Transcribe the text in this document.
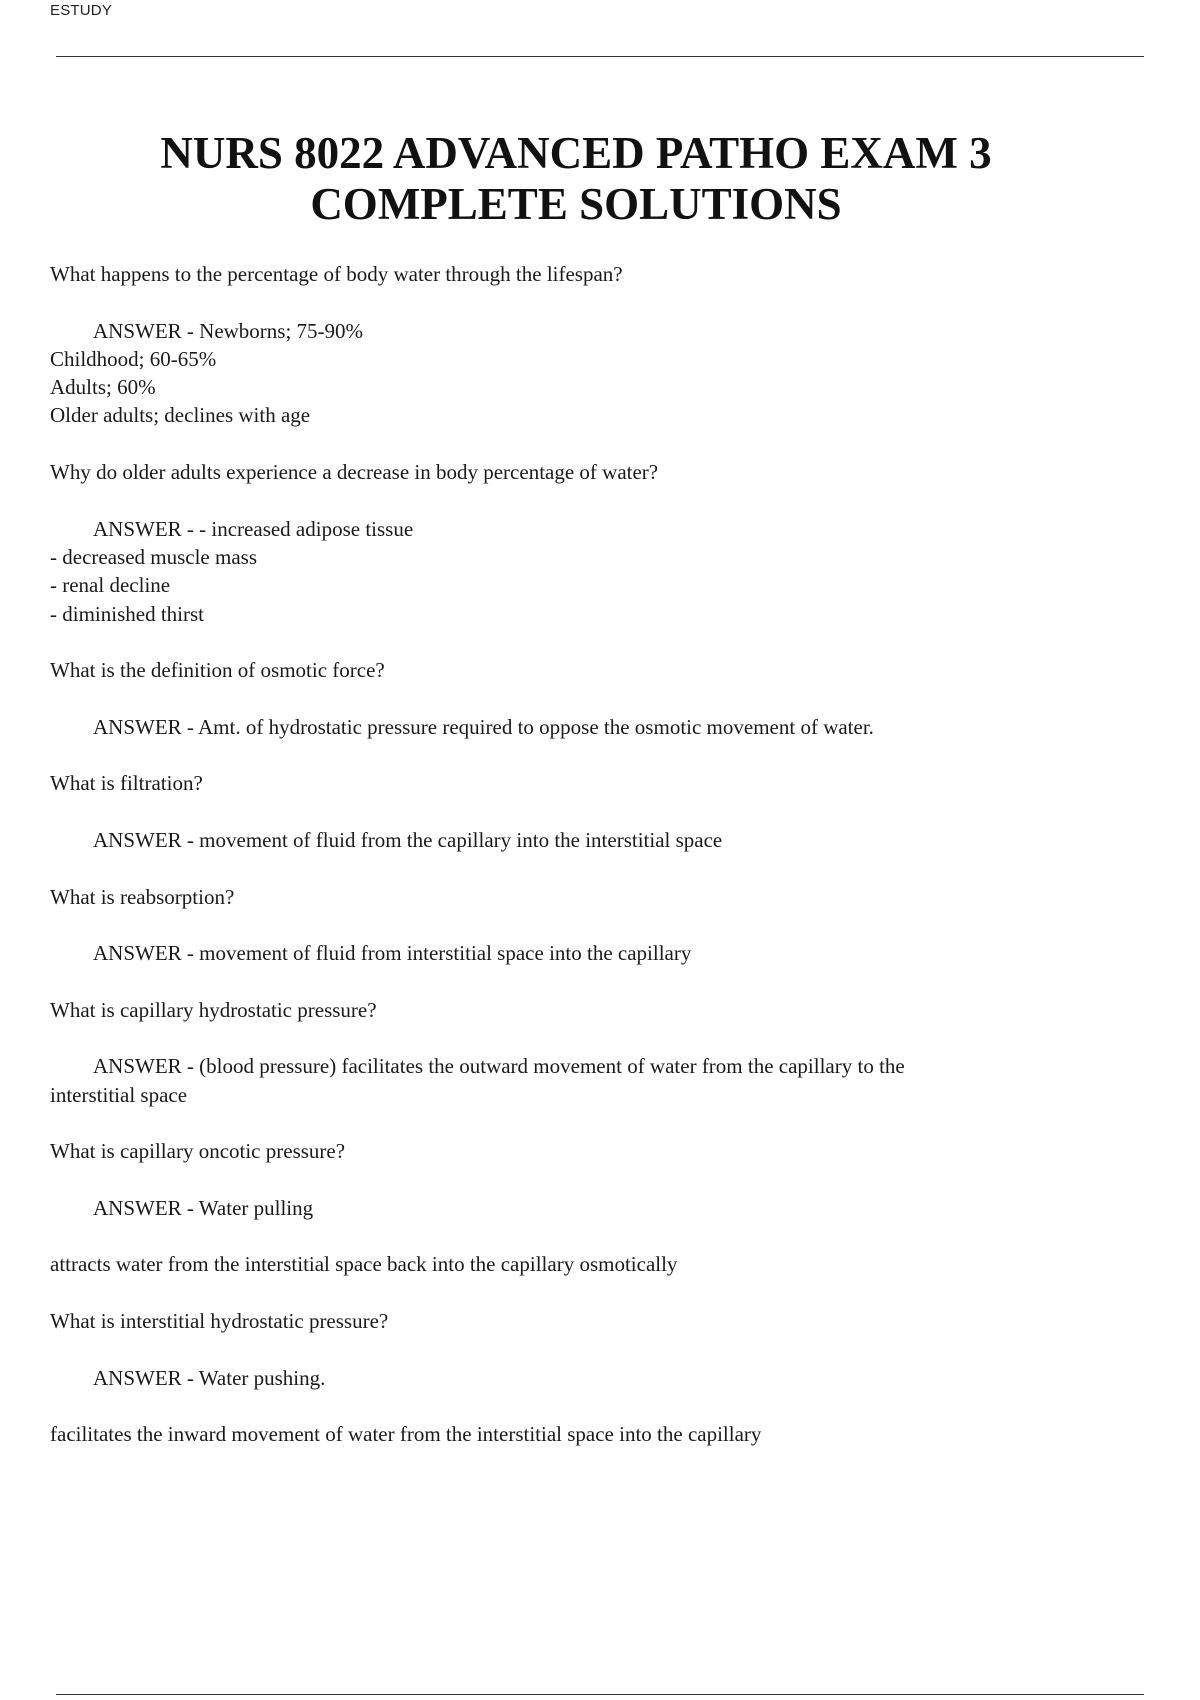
ESTUDY
NURS 8022 ADVANCED PATHO EXAM 3
COMPLETE SOLUTIONS
What happens to the percentage of body water through the lifespan?
ANSWER - Newborns; 75-90%
Childhood; 60-65%
Adults; 60%
Older adults; declines with age
Why do older adults experience a decrease in body percentage of water?
ANSWER - - increased adipose tissue
- decreased muscle mass
- renal decline
- diminished thirst
What is the definition of osmotic force?
ANSWER - Amt. of hydrostatic pressure required to oppose the osmotic movement of water.
What is filtration?
ANSWER - movement of fluid from the capillary into the interstitial space
What is reabsorption?
ANSWER - movement of fluid from interstitial space into the capillary
What is capillary hydrostatic pressure?
ANSWER - (blood pressure) facilitates the outward movement of water from the capillary to the
interstitial space
What is capillary oncotic pressure?
ANSWER - Water pulling
attracts water from the interstitial space back into the capillary osmotically
What is interstitial hydrostatic pressure?
ANSWER - Water pushing.
facilitates the inward movement of water from the interstitial space into the capillary
